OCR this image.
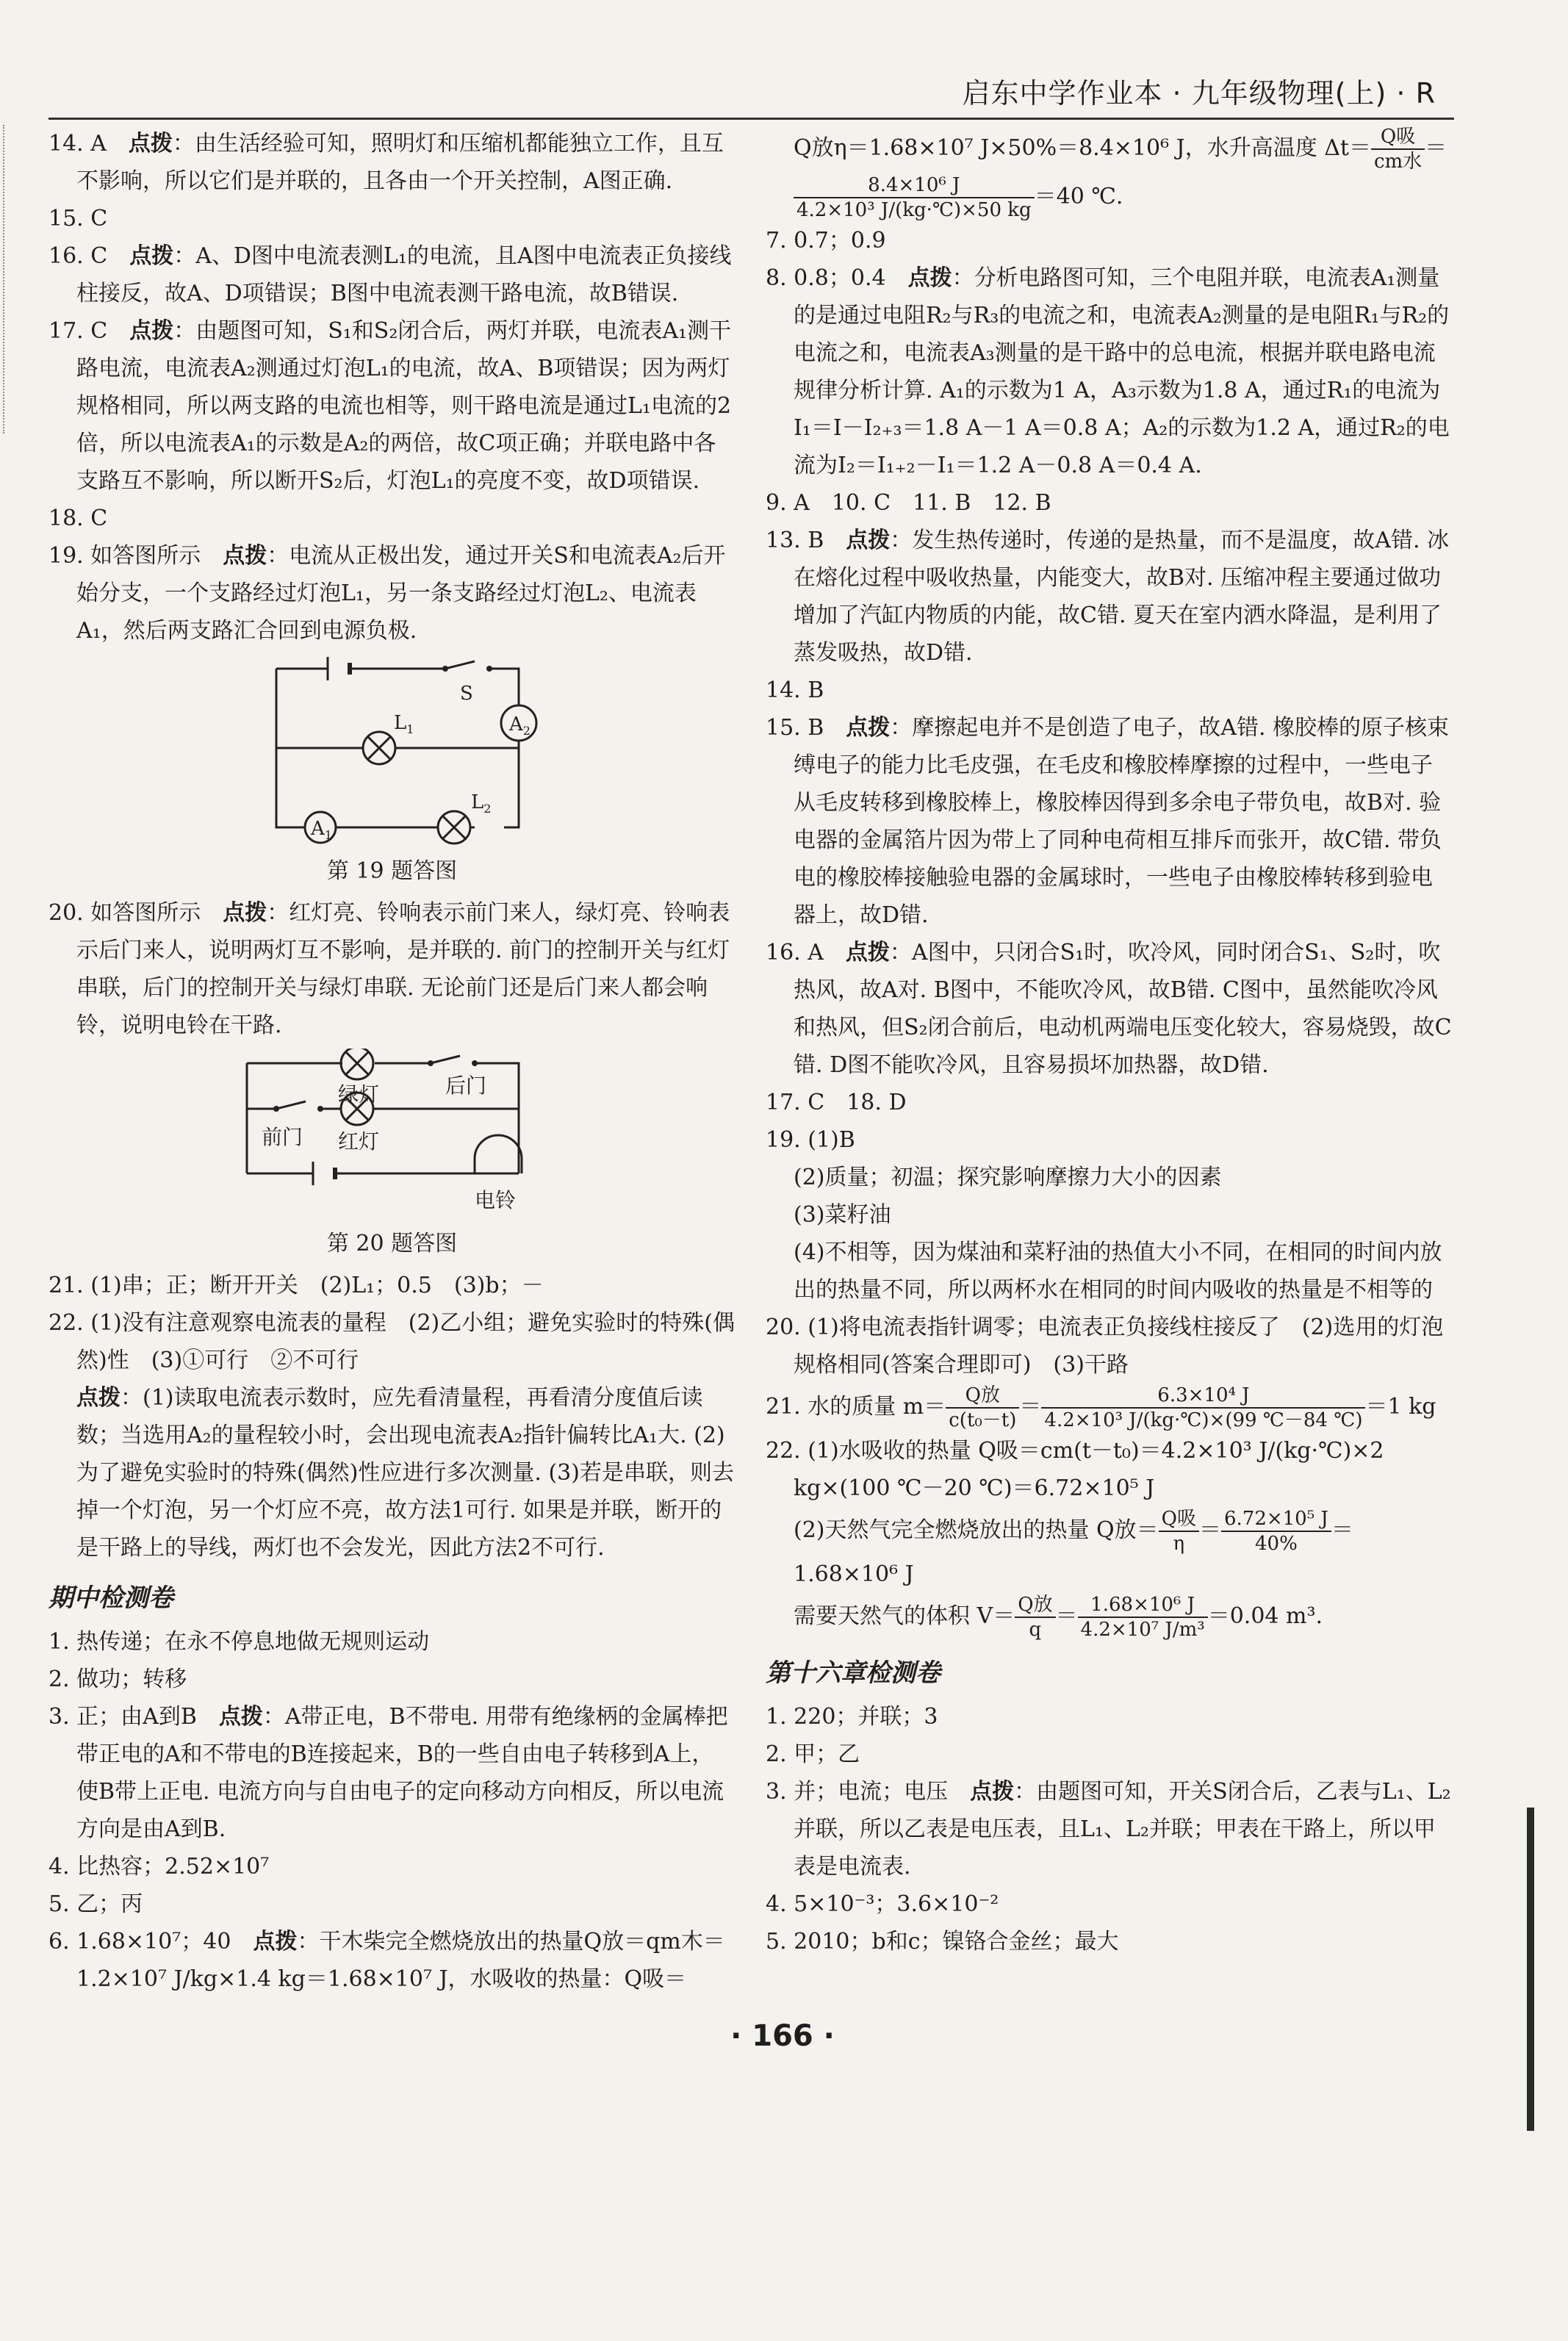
启东中学作业本 · 九年级物理(上) · R

14. A　 点拨：由生活经验可知，照明灯和压缩机都能独立工作，且互不影响，所以它们是并联的，且各由一个开关控制，A图正确.

15. C

16. C　 点拨：A、D图中电流表测L₁的电流，且A图中电流表正负接线柱接反，故A、D项错误；B图中电流表测干路电流，故B错误.

17. C　 点拨：由题图可知，S₁和S₂闭合后，两灯并联，电流表A₁测干路电流，电流表A₂测通过灯泡L₁的电流，故A、B项错误；因为两灯规格相同，所以两支路的电流也相等，则干路电流是通过L₁电流的2倍，所以电流表A₁的示数是A₂的两倍，故C项正确；并联电路中各支路互不影响，所以断开S₂后，灯泡L₁的亮度不变，故D项错误.

18. C

19. 如答图所示　 点拨：电流从正极出发，通过开关S和电流表A₂后开始分支，一个支路经过灯泡L₁，另一条支路经过灯泡L₂、电流表A₁，然后两支路汇合回到电源负极.

S
$A_2$
$L_1$
$A_1$
$L_2$

第 19 题答图

20. 如答图所示　 点拨：红灯亮、铃响表示前门来人，绿灯亮、铃响表示后门来人，说明两灯互不影响，是并联的. 前门的控制开关与红灯串联，后门的控制开关与绿灯串联. 无论前门还是后门来人都会响铃，说明电铃在干路.

绿灯	后门
前门 红灯
电铃

第 20 题答图

21. (1)串；正；断开开关　(2)L₁；0.5　(3)b；－

22. (1)没有注意观察电流表的量程　(2)乙小组；避免实验时的特殊(偶然)性　(3)①可行　②不可行

点拨：(1)读取电流表示数时，应先看清量程，再看清分度值后读数；当选用A₂的量程较小时，会出现电流表A₂指针偏转比A₁大. (2)为了避免实验时的特殊(偶然)性应进行多次测量. (3)若是串联，则去掉一个灯泡，另一个灯应不亮，故方法1可行. 如果是并联，断开的是干路上的导线，两灯也不会发光，因此方法2不可行.

期中检测卷

1. 热传递；在永不停息地做无规则运动

2. 做功；转移

3. 正；由A到B　 点拨：A带正电，B不带电. 用带有绝缘柄的金属棒把带正电的A和不带电的B连接起来，B的一些自由电子转移到A上，使B带上正电. 电流方向与自由电子的定向移动方向相反，所以电流方向是由A到B.

4. 比热容；2.52×10⁷

5. 乙；丙

6. 1.68×10⁷；40　 点拨：干木柴完全燃烧放出的热量Q放＝qm木＝1.2×10⁷ J/kg×1.4 kg＝1.68×10⁷ J，水吸收的热量：Q吸＝

Q放η＝1.68×10⁷ J×50%＝8.4×10⁶ J，水升高温度 $\Delta t= \frac{\text{Q吸}}{\text{cm水}}$ ＝
$\frac{\text{8.4×10⁶ J}}{\text{4.2×10³ J/(kg·℃)×50 kg}} =40$ ℃.

7. 0.7；0.9

8. 0.8；0.4　 点拨：分析电路图可知，三个电阻并联，电流表A₁测量的是通过电阻R₂与R₃的电流之和，电流表A₂测量的是电阻R₁与R₂的电流之和，电流表A₃测量的是干路中的总电流，根据并联电路电流规律分析计算. A₁的示数为1 A，A₃示数为1.8 A，通过R₁的电流为I₁＝I－I₂₊₃＝1.8 A－1 A＝0.8 A；A₂的示数为1.2 A，通过R₂的电流为I₂＝I₁₊₂－I₁＝1.2 A－0.8 A＝0.4 A.

9. A　10. C　11. B　12. B

13. B　 点拨：发生热传递时，传递的是热量，而不是温度，故A错. 冰在熔化过程中吸收热量，内能变大，故B对. 压缩冲程主要通过做功增加了汽缸内物质的内能，故C错. 夏天在室内洒水降温，是利用了蒸发吸热，故D错.

14. B

15. B　 点拨：摩擦起电并不是创造了电子，故A错. 橡胶棒的原子核束缚电子的能力比毛皮强，在毛皮和橡胶棒摩擦的过程中，一些电子从毛皮转移到橡胶棒上，橡胶棒因得到多余电子带负电，故B对. 验电器的金属箔片因为带上了同种电荷相互排斥而张开，故C错. 带负电的橡胶棒接触验电器的金属球时，一些电子由橡胶棒转移到验电器上，故D错.

16. A　 点拨：A图中，只闭合S₁时，吹冷风，同时闭合S₁、S₂时，吹热风，故A对. B图中，不能吹冷风，故B错. C图中，虽然能吹冷风和热风，但S₂闭合前后，电动机两端电压变化较大，容易烧毁，故C错. D图不能吹冷风，且容易损坏加热器，故D错.

17. C　18. D

19. (1)B

(2)质量；初温；探究影响摩擦力大小的因素

(3)菜籽油

(4)不相等，因为煤油和菜籽油的热值大小不同，在相同的时间内放出的热量不同，所以两杯水在相同的时间内吸收的热量是不相等的

20. (1)将电流表指针调零；电流表正负接线柱接反了　(2)选用的灯泡规格相同(答案合理即可)　(3)干路

21. 水的质量 $m= \frac{\text{Q放}}{\text{c(t₀－t)}} = \frac{\text{6.3×10⁴ J}}{\text{4.2×10³ J/(kg·℃)×(99 ℃－84 ℃)}} =1$ kg

22. (1)水吸收的热量 Q吸＝cm(t－t₀)＝4.2×10³ J/(kg·℃)×2 kg×(100 ℃－20 ℃)＝6.72×10⁵ J

(2)天然气完全燃烧放出的热量 Q放＝ $\frac{\text{Q吸}}{\eta} = \frac{\text{6.72×10⁵ J}}{40\%} =1.68\times 10^6$ J

需要天然气的体积 $V= \frac{\text{Q放}}{q} = \frac{\text{1.68×10⁶ J}}{\text{4.2×10⁷ J/m³}} =0.04$ m³.

第十六章检测卷

1. 220；并联；3

2. 甲；乙

3. 并；电流；电压　 点拨：由题图可知，开关S闭合后，乙表与L₁、L₂并联，所以乙表是电压表，且L₁、L₂并联；甲表在干路上，所以甲表是电流表.

4. 5×10⁻³；3.6×10⁻²

5. 2010；b和c；镍铬合金丝；最大

· 166 ·
